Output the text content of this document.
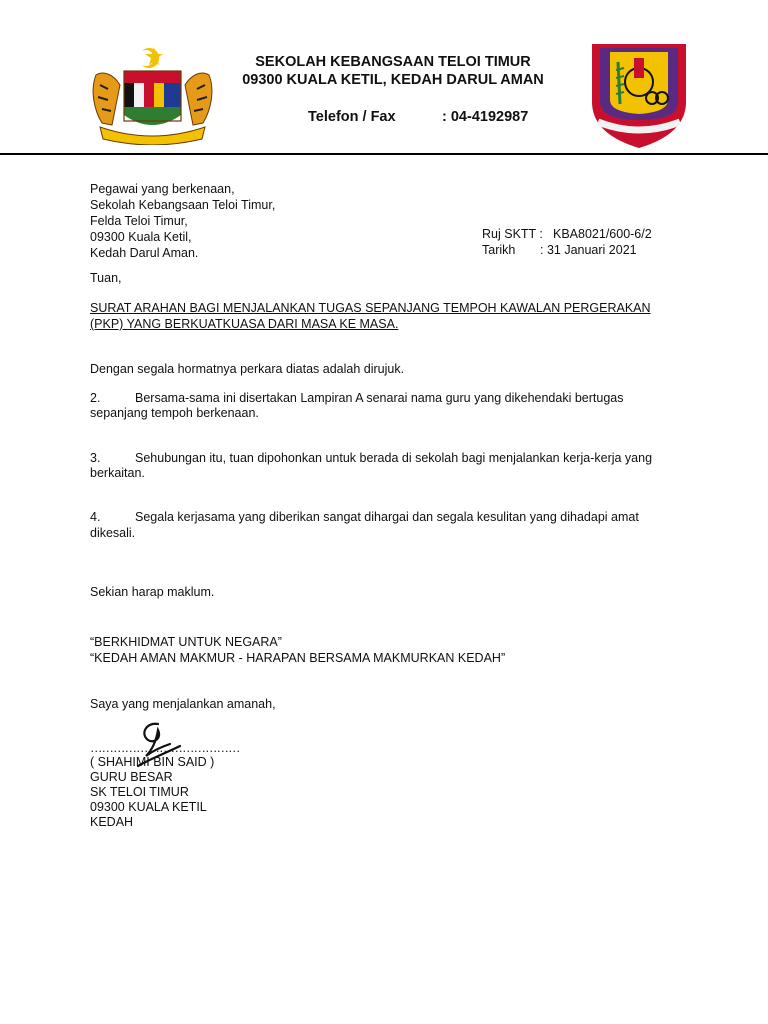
SEKOLAH KEBANGSAAN TELOI TIMUR
09300 KUALA KETIL, KEDAH DARUL AMAN
Telefon / Fax	: 04-4192987
Pegawai yang berkenaan,
Sekolah Kebangsaan Teloi Timur,
Felda Teloi Timur,
09300 Kuala Ketil,
Kedah Darul Aman.
Ruj SKTT : KBA8021/600-6/2
Tarikh : 31 Januari 2021
Tuan,
SURAT ARAHAN BAGI MENJALANKAN TUGAS SEPANJANG TEMPOH KAWALAN PERGERAKAN
(PKP) YANG BERKUATKUASA DARI MASA KE MASA.
Dengan segala hormatnya perkara diatas adalah dirujuk.
2.	Bersama-sama ini disertakan Lampiran A senarai nama guru yang dikehendaki bertugas
sepanjang tempoh berkenaan.
3.	Sehubungan itu, tuan dipohonkan untuk berada di sekolah bagi menjalankan kerja-kerja yang
berkaitan.
4.	Segala kerjasama yang diberikan sangat dihargai dan segala kesulitan yang dihadapi amat
dikesali.
Sekian harap maklum.
“BERKHIDMAT UNTUK NEGARA”
“KEDAH AMAN MAKMUR - HARAPAN BERSAMA MAKMURKAN KEDAH”
Saya yang menjalankan amanah,
…………………………………
( SHAHIMI BIN SAID )
GURU BESAR
SK TELOI TIMUR
09300 KUALA KETIL
KEDAH
